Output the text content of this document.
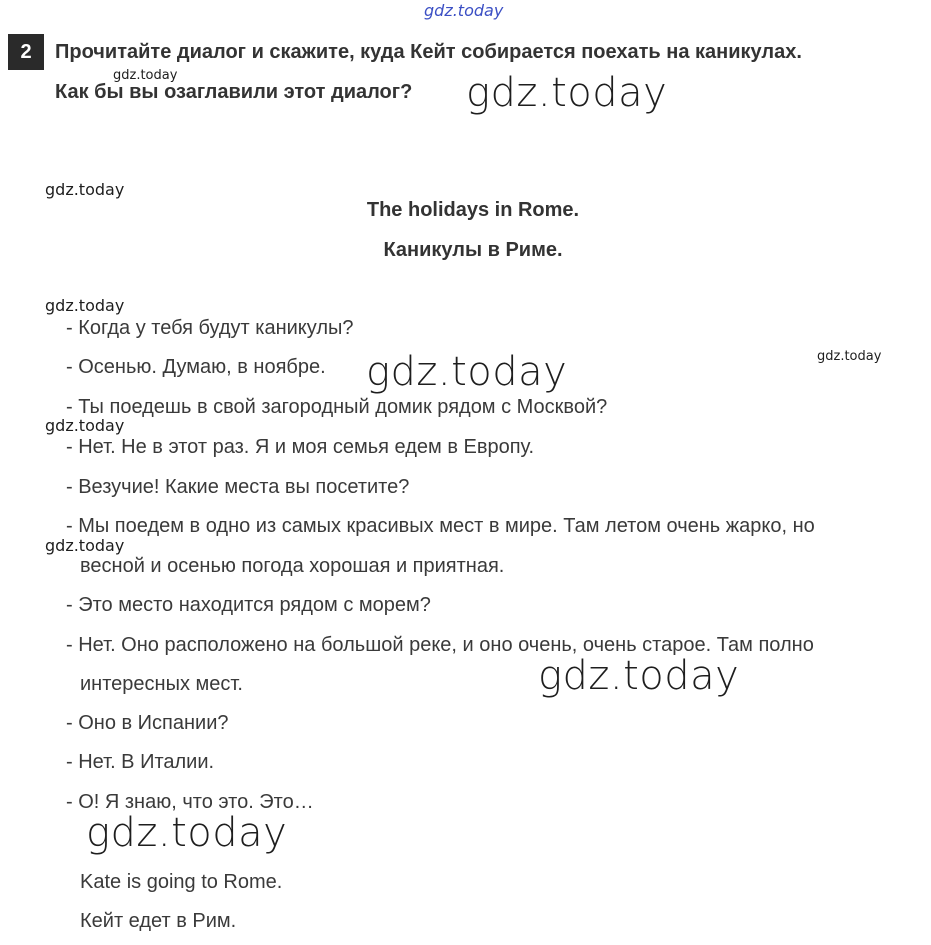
gdz.today
gdz.today	gdz.today
gdz.today
gdz.today
gdz.today
gdz.today
gdz.today
gdz.today
gdz.today
gdz.today
2	Прочитайте диалог и скажите, куда Кейт собирается поехать на каникулах.
Как бы вы озаглавили этот диалог?
The holidays in Rome.
Каникулы в Риме.
- Когда у тебя будут каникулы?
- Осенью. Думаю, в ноябре.
- Ты поедешь в свой загородный домик рядом с Москвой?
- Нет. Не в этот раз. Я и моя семья едем в Европу.
- Везучие! Какие места вы посетите?
- Мы поедем в одно из самых красивых мест в мире. Там летом очень жарко, но
весной и осенью погода хорошая и приятная.
- Это место находится рядом с морем?
- Нет. Оно расположено на большой реке, и оно очень, очень старое. Там полно
интересных мест.
- Оно в Испании?
- Нет. В Италии.
- О! Я знаю, что это. Это…
Kate is going to Rome.
Кейт едет в Рим.
